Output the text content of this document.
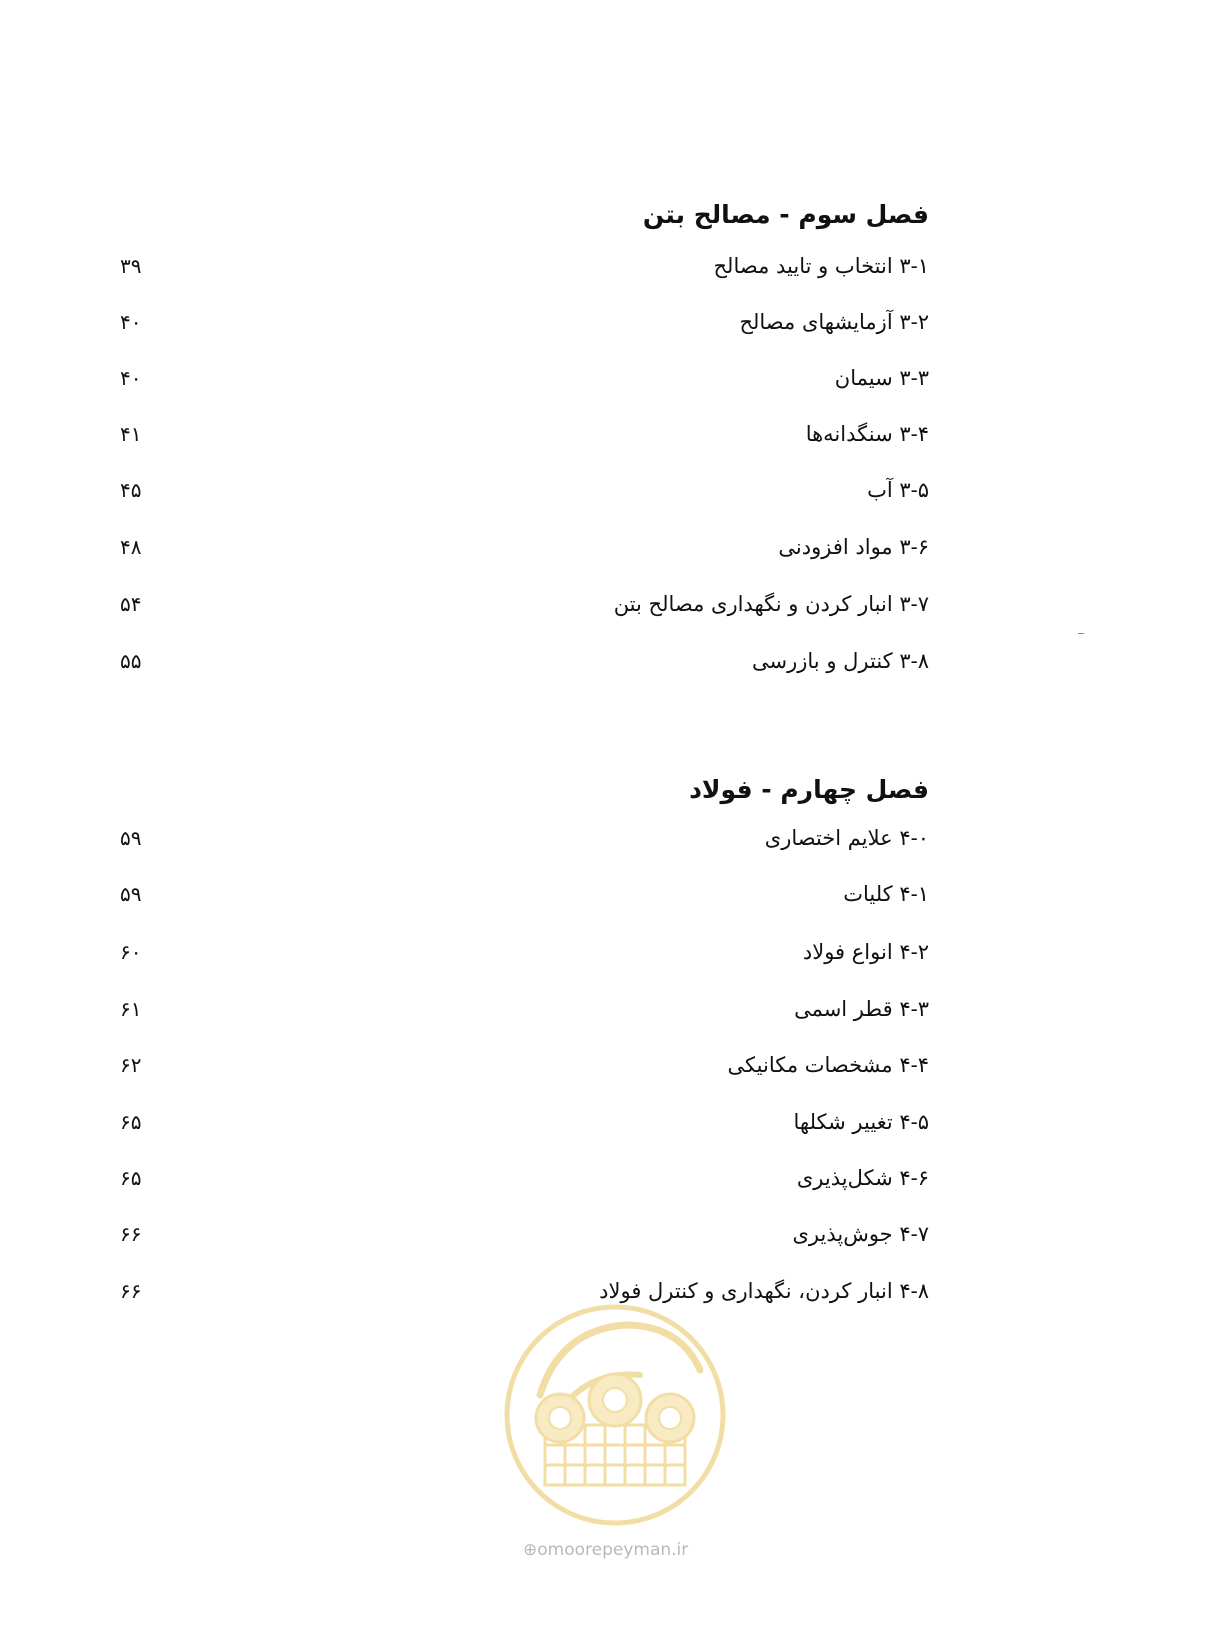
فصل سوم - مصالح بتن
۳-۱ انتخاب و تایید مصالح
۳۹
۳-۲ آزمایشهای مصالح
۴۰
۳-۳ سیمان
۴۰
۳-۴ سنگدانه‌ها
۴۱
۳-۵ آب
۴۵
۳-۶ مواد افزودنی
۴۸
۳-۷ انبار کردن و نگهداری مصالح بتن
۵۴
۳-۸ کنترل و بازرسی
۵۵
فصل چهارم - فولاد
۴-۰ علایم اختصاری
۵۹
۴-۱ کلیات
۵۹
۴-۲ انواع فولاد
۶۰
۴-۳ قطر اسمی
۶۱
۴-۴ مشخصات مکانیکی
۶۲
۴-۵ تغییر شکلها
۶۵
۴-۶ شکل‌پذیری
۶۵
۴-۷ جوش‌پذیری
۶۶
۴-۸ انبار کردن، نگهداری و کنترل فولاد
۶۶
⊕omoorepeyman.ir
